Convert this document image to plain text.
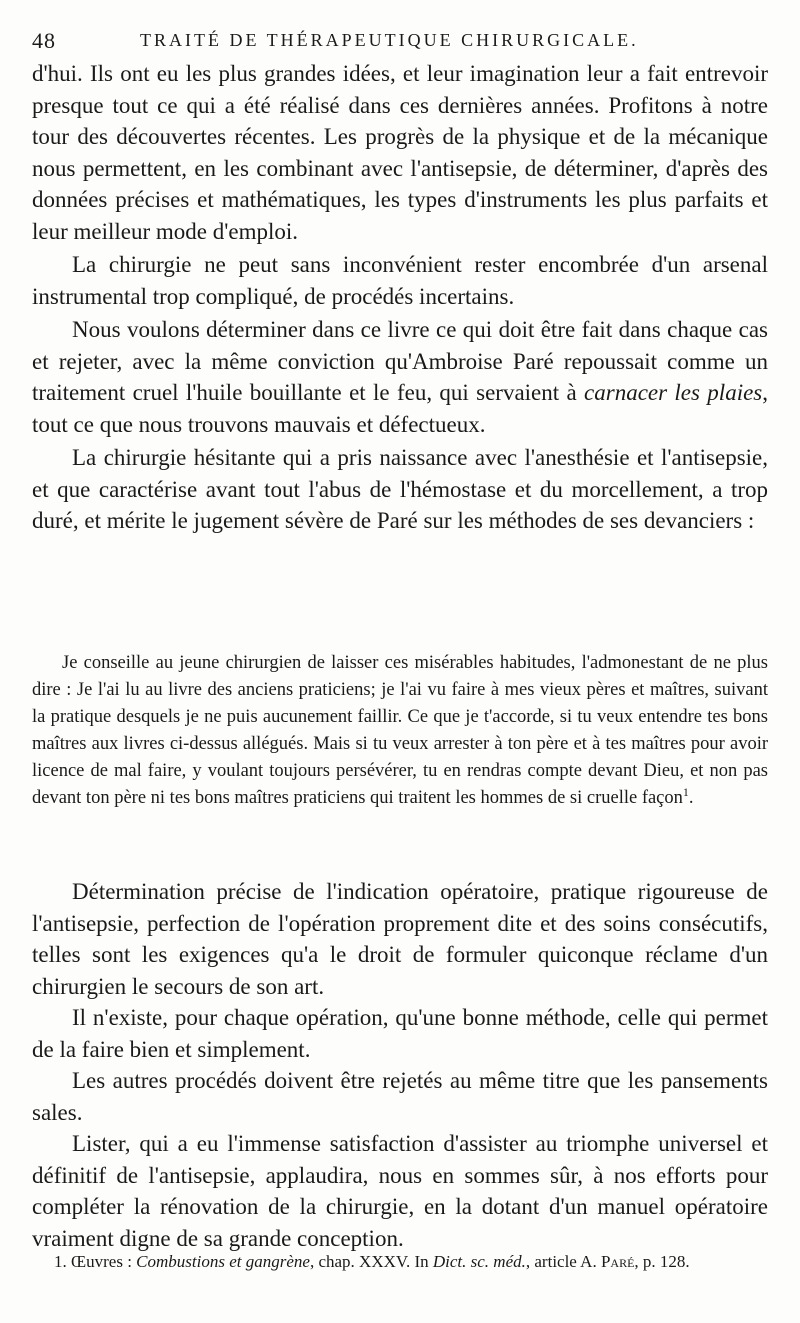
48	TRAITÉ DE THÉRAPEUTIQUE CHIRURGICALE.

d'hui. Ils ont eu les plus grandes idées, et leur imagination leur a fait entrevoir presque tout ce qui a été réalisé dans ces dernières années. Profitons à notre tour des découvertes récentes. Les progrès de la physique et de la mécanique nous permettent, en les combinant avec l'antisepsie, de déterminer, d'après des données précises et mathématiques, les types d'instruments les plus parfaits et leur meilleur mode d'emploi.

La chirurgie ne peut sans inconvénient rester encombrée d'un arsenal instrumental trop compliqué, de procédés incertains.

Nous voulons déterminer dans ce livre ce qui doit être fait dans chaque cas et rejeter, avec la même conviction qu'Ambroise Paré repoussait comme un traitement cruel l'huile bouillante et le feu, qui servaient à carnacer les plaies, tout ce que nous trouvons mauvais et défectueux.

La chirurgie hésitante qui a pris naissance avec l'anesthésie et l'antisepsie, et que caractérise avant tout l'abus de l'hémostase et du morcellement, a trop duré, et mérite le jugement sévère de Paré sur les méthodes de ses devanciers :

Je conseille au jeune chirurgien de laisser ces misérables habitudes, l'admonestant de ne plus dire : Je l'ai lu au livre des anciens praticiens; je l'ai vu faire à mes vieux pères et maîtres, suivant la pratique desquels je ne puis aucunement faillir. Ce que je t'accorde, si tu veux entendre tes bons maîtres aux livres ci-dessus allégués. Mais si tu veux arrester à ton père et à tes maîtres pour avoir licence de mal faire, y voulant toujours persévérer, tu en rendras compte devant Dieu, et non pas devant ton père ni tes bons maîtres praticiens qui traitent les hommes de si cruelle façon$^1$.

Détermination précise de l'indication opératoire, pratique rigoureuse de l'antisepsie, perfection de l'opération proprement dite et des soins consécutifs, telles sont les exigences qu'a le droit de formuler quiconque réclame d'un chirurgien le secours de son art.

Il n'existe, pour chaque opération, qu'une bonne méthode, celle qui permet de la faire bien et simplement.

Les autres procédés doivent être rejetés au même titre que les pansements sales.

Lister, qui a eu l'immense satisfaction d'assister au triomphe universel et définitif de l'antisepsie, applaudira, nous en sommes sûr, à nos efforts pour compléter la rénovation de la chirurgie, en la dotant d'un manuel opératoire vraiment digne de sa grande conception.

1. Œuvres : Combustions et gangrène, chap. XXXV. In Dict. sc. méd., article A. Paré, p. 128.
